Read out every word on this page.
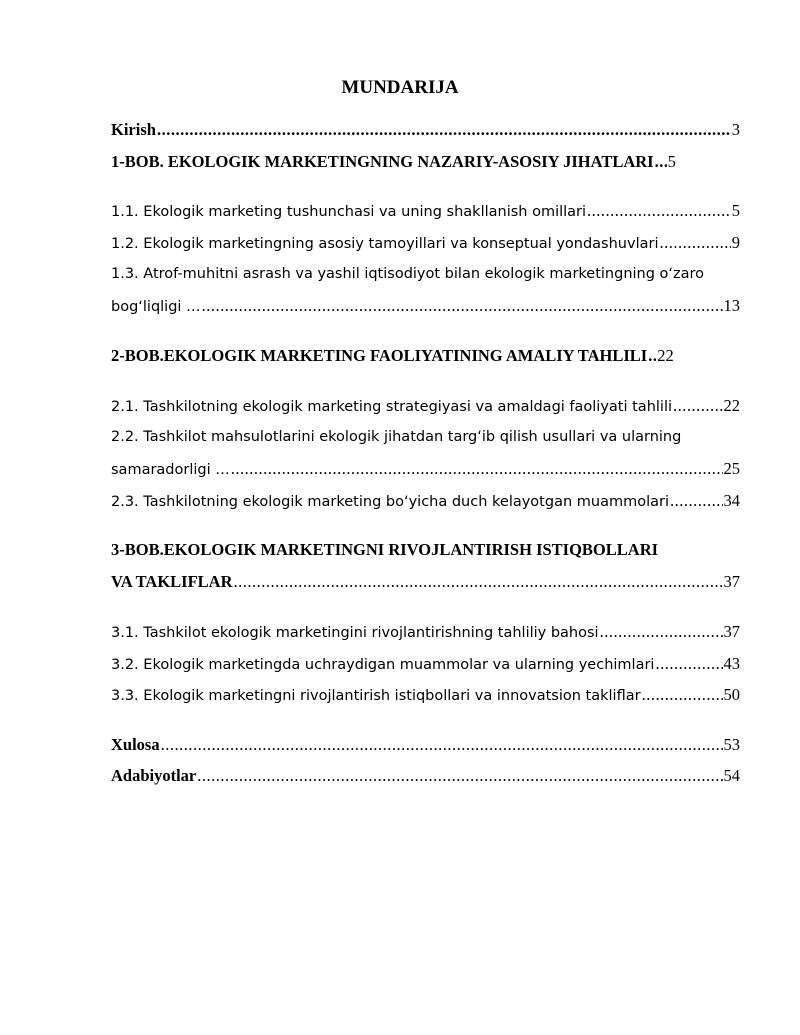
MUNDARIJA
Kirish .....	3
1-BOB. EKOLOGIK MARKETINGNING NAZARIY-ASOSIY JIHATLARI ..... 5
1.1. Ekologik marketing tushunchasi va uning shakllanish omillari .....	5
1.2. Ekologik marketingning asosiy tamoyillari va konseptual yondashuvlari .....	9
1.3. Atrof-muhitni asrash va yashil iqtisodiyot bilan ekologik marketingning o‘zaro
bog‘liqligi … .....	13
2-BOB.EKOLOGIK MARKETING FAOLIYATINING AMALIY TAHLILI ..... 22
2.1. Tashkilotning ekologik marketing strategiyasi va amaldagi faoliyati tahlili .....	22
2.2. Tashkilot mahsulotlarini ekologik jihatdan targ‘ib qilish usullari va ularning
samaradorligi … .....	25
2.3. Tashkilotning ekologik marketing bo‘yicha duch kelayotgan muammolari .....	34
3-BOB.EKOLOGIK MARKETINGNI RIVOJLANTIRISH ISTIQBOLLARI
VA TAKLIFLAR .....	37
3.1. Tashkilot ekologik marketingini rivojlantirishning tahliliy bahosi .....	37
3.2. Ekologik marketingda uchraydigan muammolar va ularning yechimlari .....	43
3.3. Ekologik marketingni rivojlantirish istiqbollari va innovatsion takliflar .....	50
Xulosa .....	53
Adabiyotlar .....	54
